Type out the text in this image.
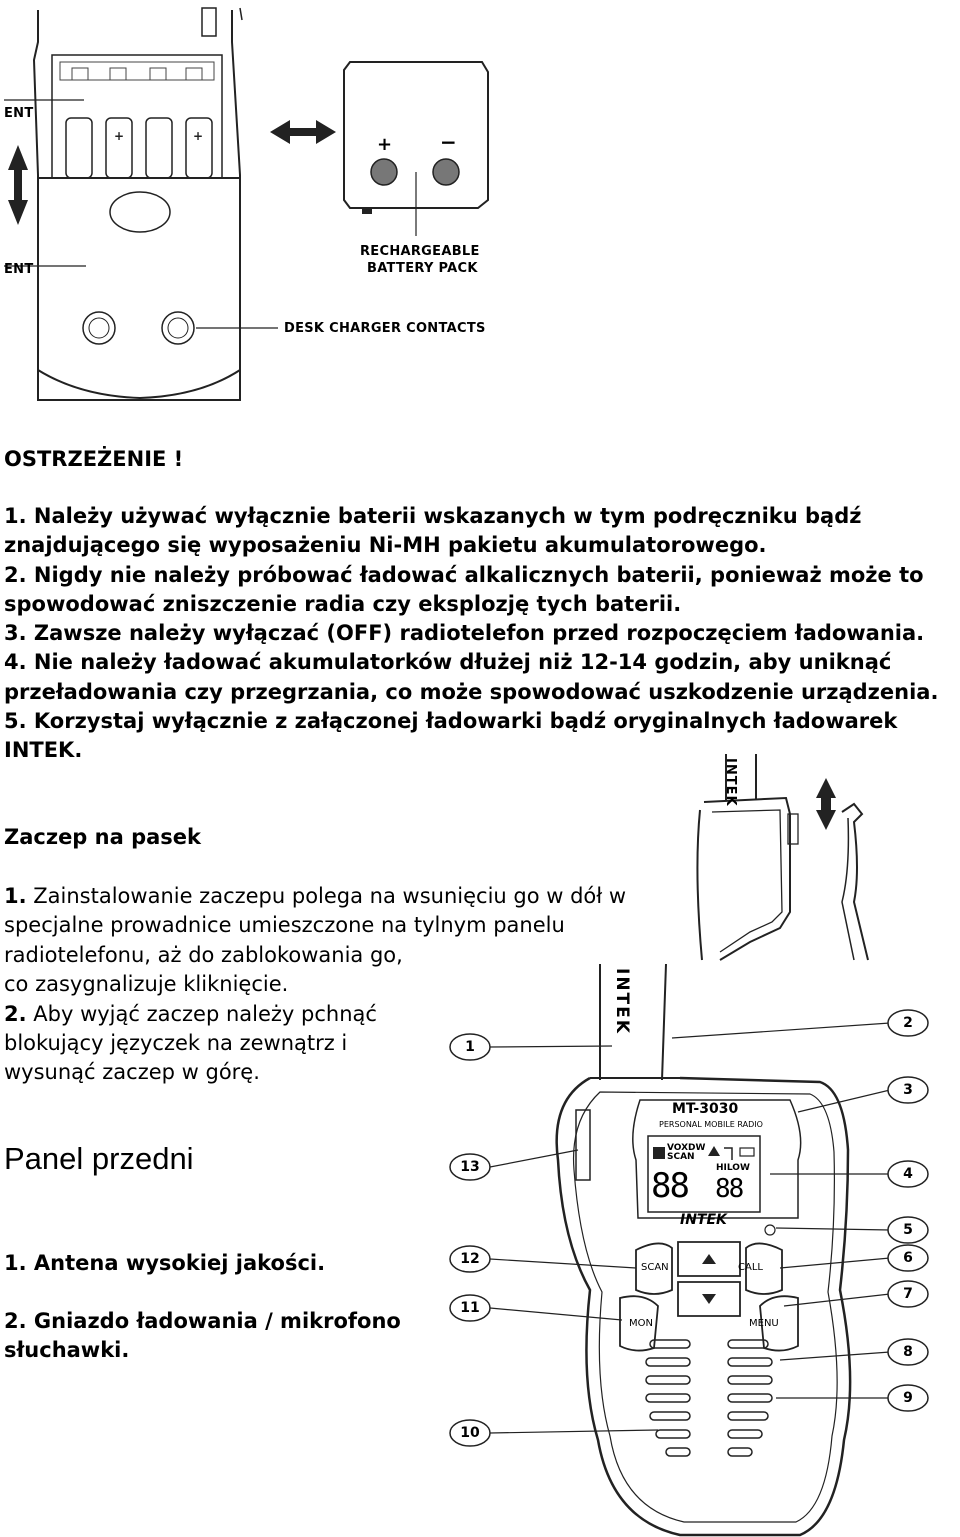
+	+
ENT
ENT
+ −
RECHARGEABLE
BATTERY PACK
DESK CHARGER CONTACTS
OSTRZEŻENIE !
1. Należy używać wyłącznie baterii wskazanych w tym podręczniku bądź
znajdującego się wyposażeniu Ni-MH pakietu akumulatorowego.
2. Nigdy nie należy próbować ładować alkalicznych baterii, ponieważ może to
spowodować zniszczenie radia czy eksplozję tych baterii.
3. Zawsze należy wyłączać (OFF) radiotelefon przed rozpoczęciem ładowania.
4. Nie należy ładować akumulatorków dłużej niż 12-14 godzin, aby uniknąć
przeładowania czy przegrzania, co może spowodować uszkodzenie urządzenia.
5. Korzystaj wyłącznie z załączonej ładowarki bądź oryginalnych ładowarek
INTEK.
INTEK
Zaczep na pasek
1. Zainstalowanie zaczepu polega na wsunięciu go w dół w
specjalne prowadnice umieszczone na tylnym panelu
radiotelefonu, aż do zablokowania go,
co zasygnalizuje kliknięcie.
2. Aby wyjąć zaczep należy pchnąć
blokujący języczek na zewnątrz i
wysunąć zaczep w górę.
Panel przedni
1. Antena wysokiej jakości.
2. Gniazdo ładowania / mikrofono
słuchawki.
INTEK
MT-3030
PERSONAL MOBILE RADIO
VOX DW
SCAN
HILOW
88 88
INTEK
SCAN	CALL
MON	MENU
1
2
3
4
5
6
7
8
9
10
11
12
13
